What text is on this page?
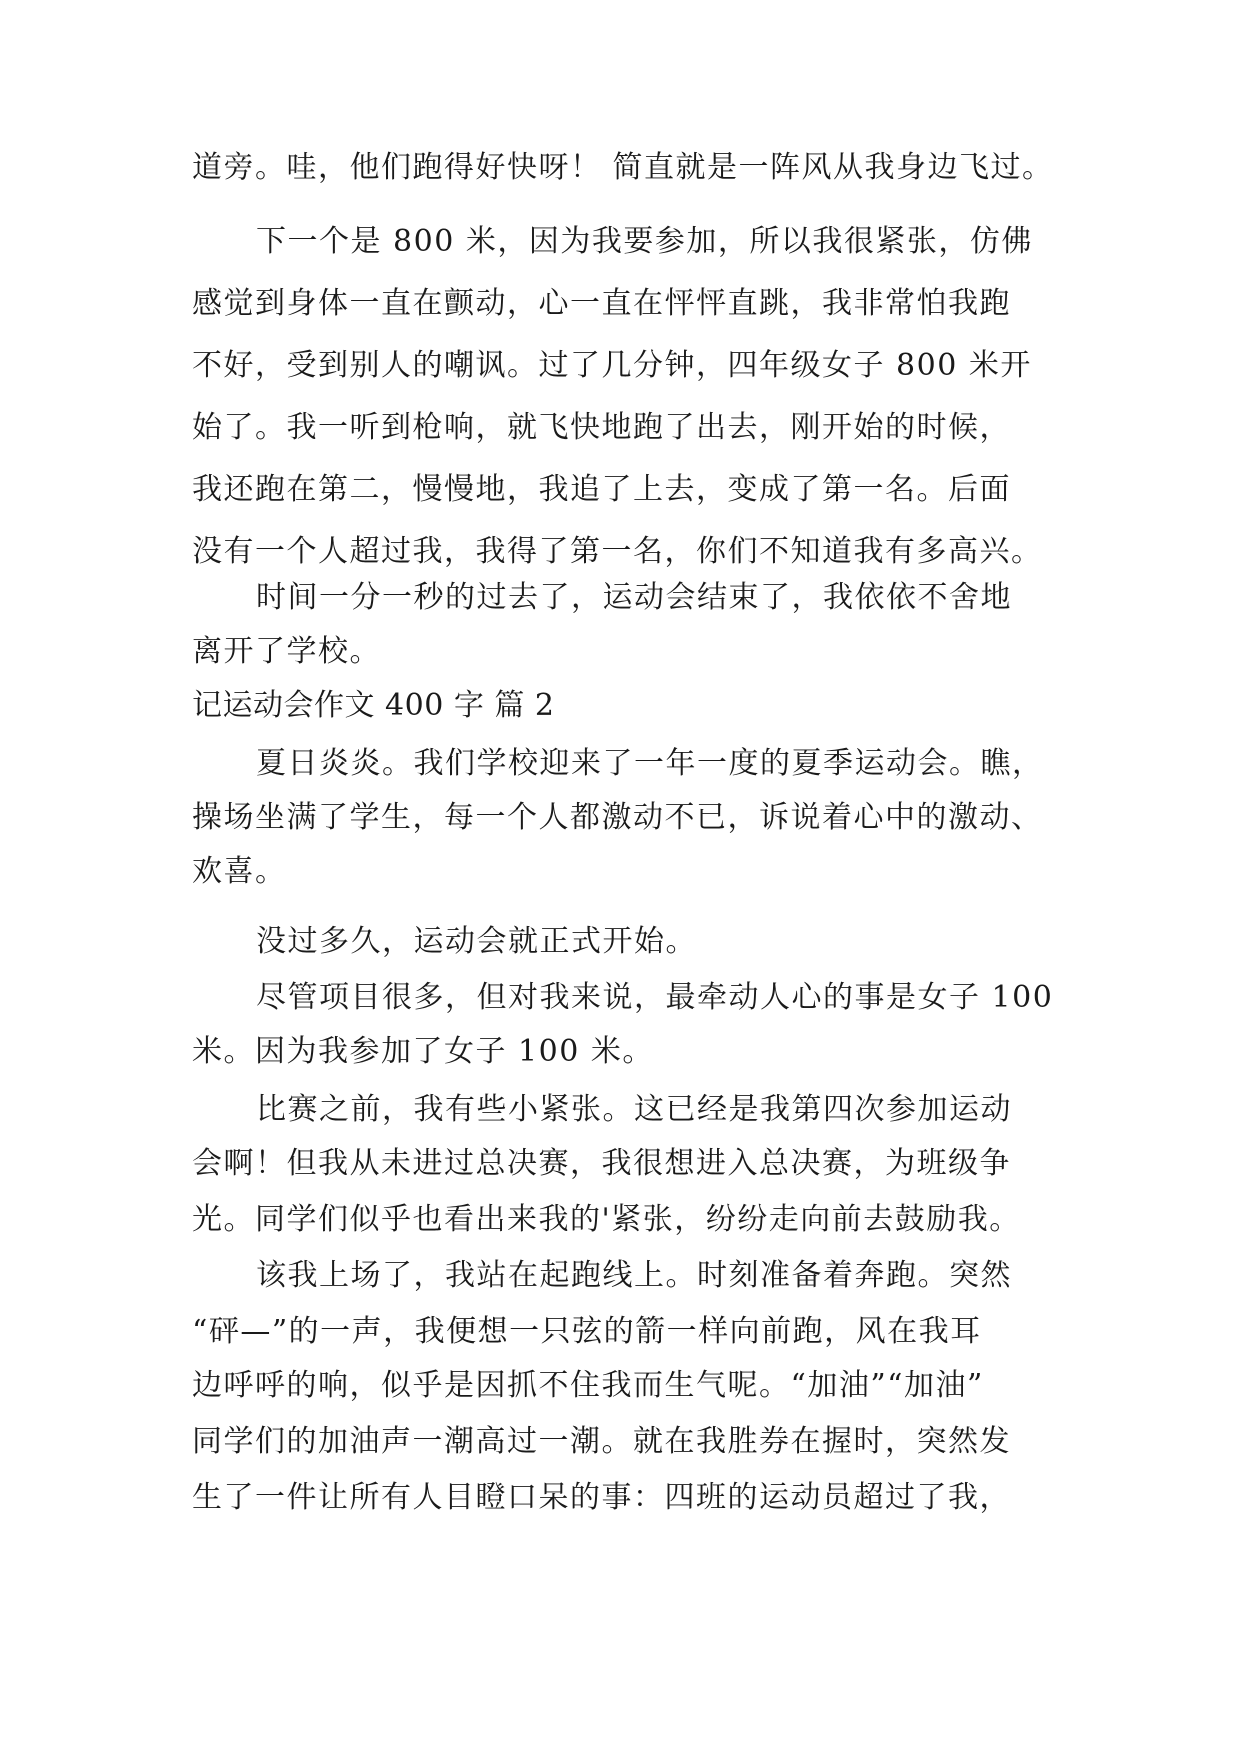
道旁。哇，他们跑得好快呀！ 简直就是一阵风从我身边飞过。
下一个是 800 米，因为我要参加，所以我很紧张，仿佛
感觉到身体一直在颤动，心一直在怦怦直跳，我非常怕我跑
不好，受到别人的嘲讽。过了几分钟，四年级女子 800 米开
始了。我一听到枪响，就飞快地跑了出去，刚开始的时候，
我还跑在第二，慢慢地，我追了上去，变成了第一名。后面
没有一个人超过我，我得了第一名，你们不知道我有多高兴。
时间一分一秒的过去了，运动会结束了，我依依不舍地
离开了学校。
记运动会作文 400 字 篇 2
夏日炎炎。我们学校迎来了一年一度的夏季运动会。瞧，
操场坐满了学生，每一个人都激动不已，诉说着心中的激动、
欢喜。
没过多久，运动会就正式开始。
尽管项目很多，但对我来说，最牵动人心的事是女子 100
米。因为我参加了女子 100 米。
比赛之前，我有些小紧张。这已经是我第四次参加运动
会啊！但我从未进过总决赛，我很想进入总决赛，为班级争
光。同学们似乎也看出来我的'紧张，纷纷走向前去鼓励我。
该我上场了，我站在起跑线上。时刻准备着奔跑。突然
“砰—”的一声，我便想一只弦的箭一样向前跑，风在我耳
边呼呼的响，似乎是因抓不住我而生气呢。“加油”“加油”
同学们的加油声一潮高过一潮。就在我胜券在握时，突然发
生了一件让所有人目瞪口呆的事：四班的运动员超过了我，
